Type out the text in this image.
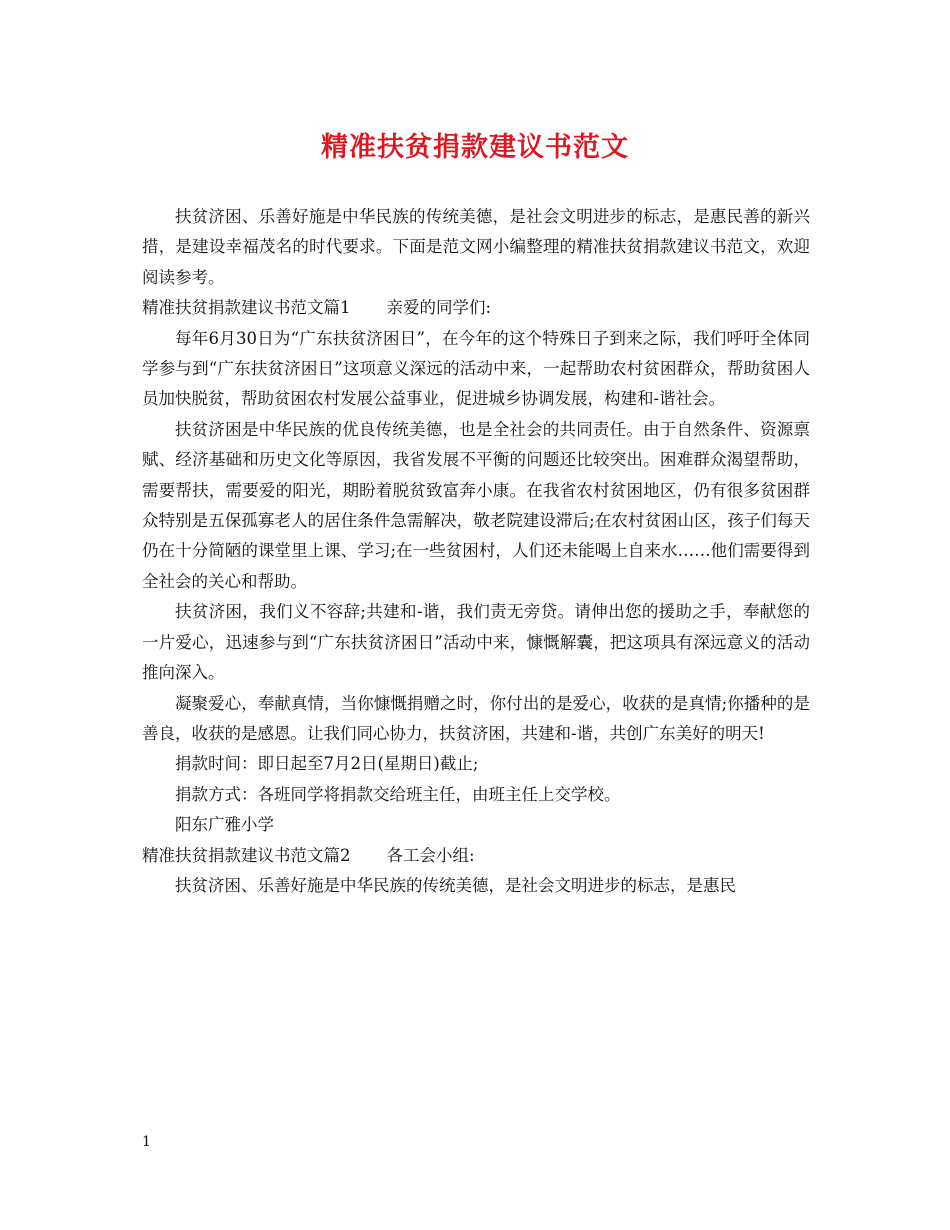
精准扶贫捐款建议书范文

扶贫济困、乐善好施是中华民族的传统美德，是社会文明进步的标志，是惠民善的新兴措，是建设幸福茂名的时代要求。下面是范文网小编整理的精准扶贫捐款建议书范文，欢迎阅读参考。

精准扶贫捐款建议书范文篇1 亲爱的同学们:

每年6月30日为“广东扶贫济困日”，在今年的这个特殊日子到来之际，我们呼吁全体同学参与到“广东扶贫济困日”这项意义深远的活动中来，一起帮助农村贫困群众，帮助贫困人员加快脱贫，帮助贫困农村发展公益事业，促进城乡协调发展，构建和-谐社会。

扶贫济困是中华民族的优良传统美德，也是全社会的共同责任。由于自然条件、资源禀赋、经济基础和历史文化等原因，我省发展不平衡的问题还比较突出。困难群众渴望帮助，需要帮扶，需要爱的阳光，期盼着脱贫致富奔小康。在我省农村贫困地区，仍有很多贫困群众特别是五保孤寡老人的居住条件急需解决，敬老院建设滞后;在农村贫困山区，孩子们每天仍在十分简陋的课堂里上课、学习;在一些贫困村，人们还未能喝上自来水……他们需要得到全社会的关心和帮助。

扶贫济困，我们义不容辞;共建和-谐，我们责无旁贷。请伸出您的援助之手，奉献您的一片爱心，迅速参与到“广东扶贫济困日”活动中来，慷慨解囊，把这项具有深远意义的活动推向深入。

凝聚爱心，奉献真情，当你慷慨捐赠之时，你付出的是爱心，收获的是真情;你播种的是善良，收获的是感恩。让我们同心协力，扶贫济困，共建和-谐，共创广东美好的明天!

捐款时间：即日起至7月2日(星期日)截止;

捐款方式：各班同学将捐款交给班主任，由班主任上交学校。

阳东广雅小学

精准扶贫捐款建议书范文篇2 各工会小组:

扶贫济困、乐善好施是中华民族的传统美德，是社会文明进步的标志，是惠民

1
